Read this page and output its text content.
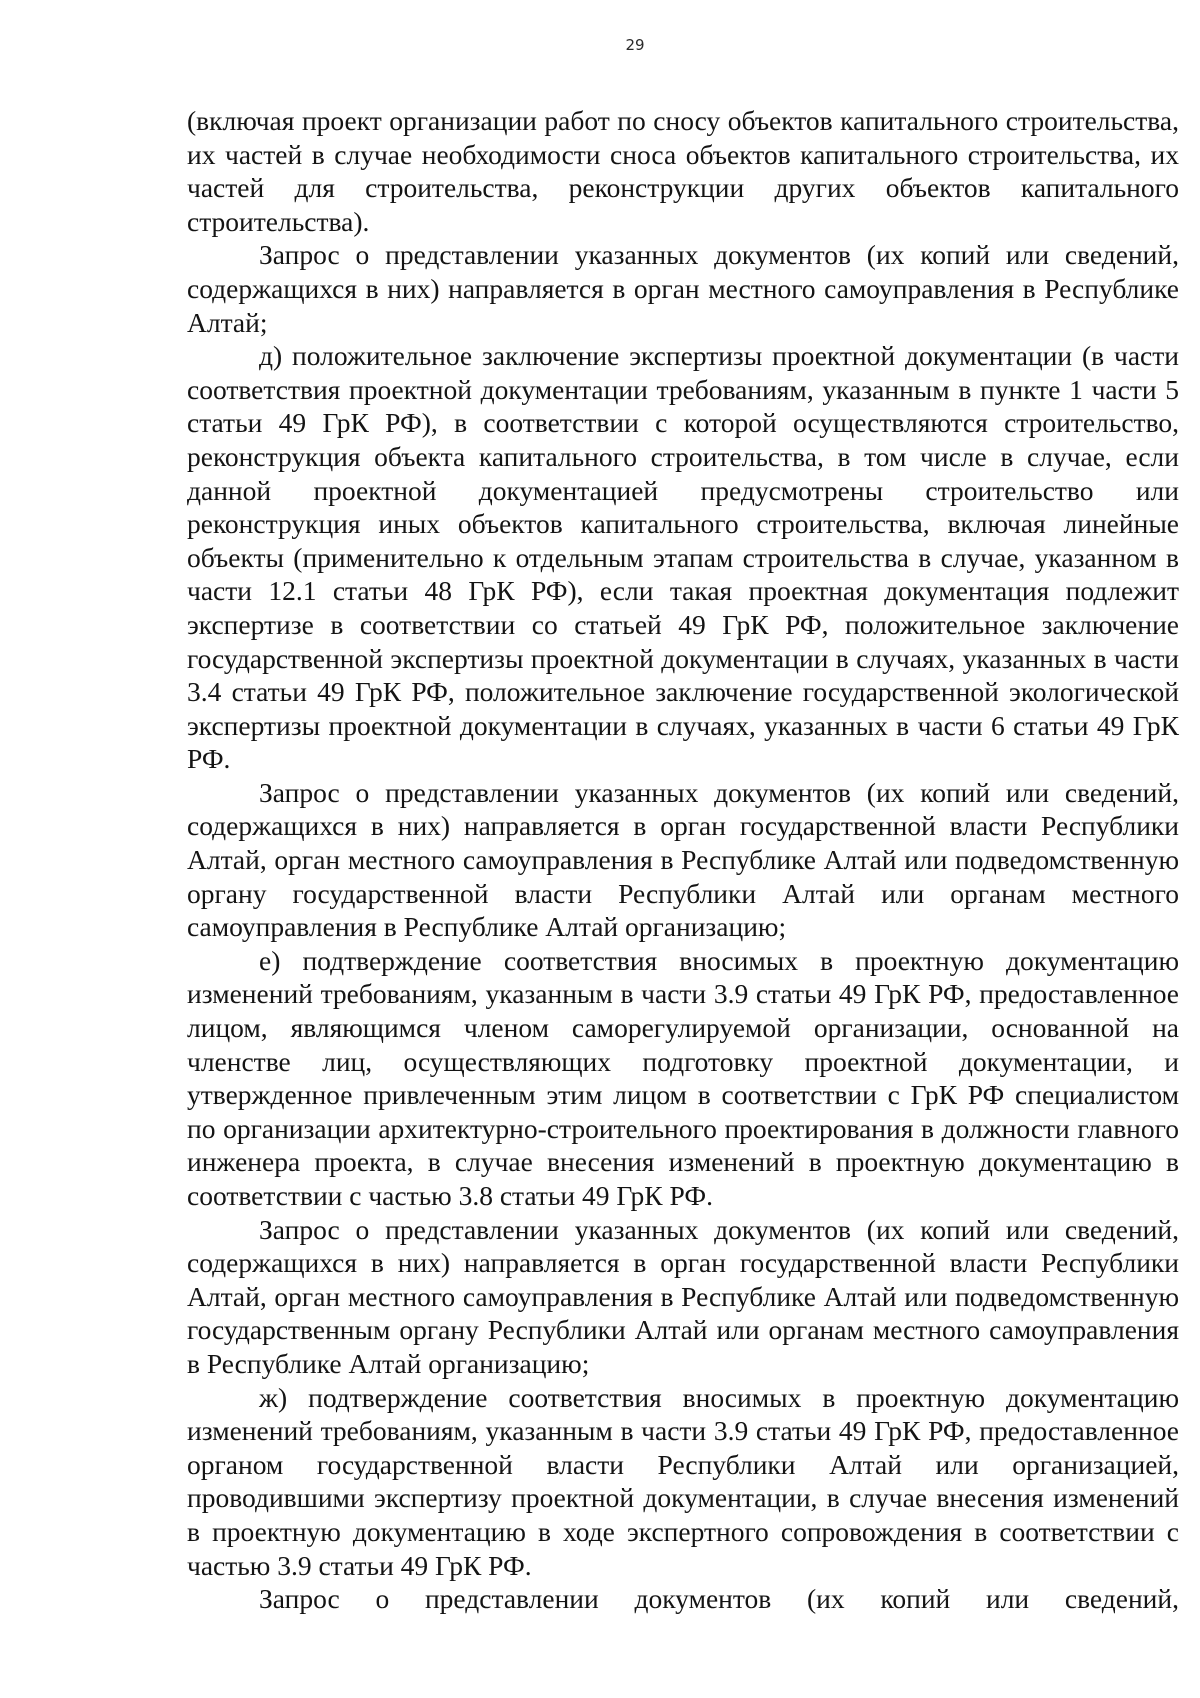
29

(включая проект организации работ по сносу объектов капитального строительства, их частей в случае необходимости сноса объектов капитального строительства, их частей для строительства, реконструкции других объектов капитального строительства).

Запрос о представлении указанных документов (их копий или сведений, содержащихся в них) направляется в орган местного самоуправления в Республике Алтай;

д) положительное заключение экспертизы проектной документации (в части соответствия проектной документации требованиям, указанным в пункте 1 части 5 статьи 49 ГрК РФ), в соответствии с которой осуществляются строительство, реконструкция объекта капитального строительства, в том числе в случае, если данной проектной документацией предусмотрены строительство или реконструкция иных объектов капитального строительства, включая линейные объекты (применительно к отдельным этапам строительства в случае, указанном в части 12.1 статьи 48 ГрК РФ), если такая проектная документация подлежит экспертизе в соответствии со статьей 49 ГрК РФ, положительное заключение государственной экспертизы проектной документации в случаях, указанных в части 3.4 статьи 49 ГрК РФ, положительное заключение государственной экологической экспертизы проектной документации в случаях, указанных в части 6 статьи 49 ГрК РФ.

Запрос о представлении указанных документов (их копий или сведений, содержащихся в них) направляется в орган государственной власти Республики Алтай, орган местного самоуправления в Республике Алтай или подведомственную органу государственной власти Республики Алтай или органам местного самоуправления в Республике Алтай организацию;

е) подтверждение соответствия вносимых в проектную документацию изменений требованиям, указанным в части 3.9 статьи 49 ГрК РФ, предоставленное лицом, являющимся членом саморегулируемой организации, основанной на членстве лиц, осуществляющих подготовку проектной документации, и утвержденное привлеченным этим лицом в соответствии с ГрК РФ специалистом по организации архитектурно-строительного проектирования в должности главного инженера проекта, в случае внесения изменений в проектную документацию в соответствии с частью 3.8 статьи 49 ГрК РФ.

Запрос о представлении указанных документов (их копий или сведений, содержащихся в них) направляется в орган государственной власти Республики Алтай, орган местного самоуправления в Республике Алтай или подведомственную государственным органу Республики Алтай или органам местного самоуправления в Республике Алтай организацию;

ж) подтверждение соответствия вносимых в проектную документацию изменений требованиям, указанным в части 3.9 статьи 49 ГрК РФ, предоставленное органом государственной власти Республики Алтай или организацией, проводившими экспертизу проектной документации, в случае внесения изменений в проектную документацию в ходе экспертного сопровождения в соответствии с частью 3.9 статьи 49 ГрК РФ.

Запрос о представлении документов (их копий или сведений,
